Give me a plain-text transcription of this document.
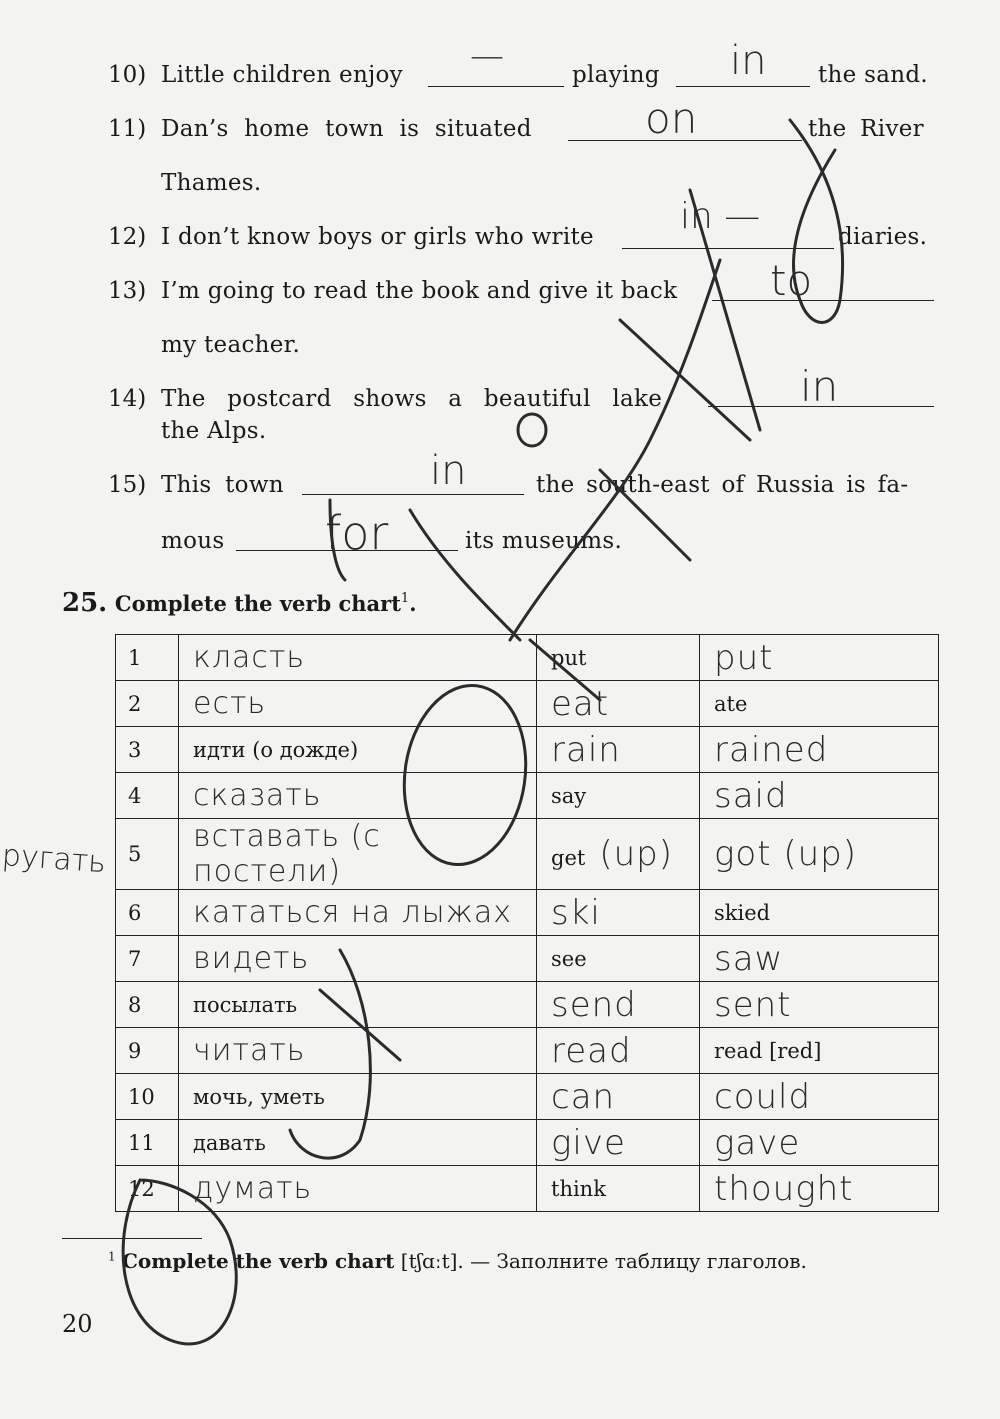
10) Little children enjoy —	playing in the sand.
11) Dan’s home town is situated	on	the River
Thames.
12) I don’t know boys or girls who write in —	diaries.
13) I’m going to read the book and give it back to
my teacher.
14) The postcard shows a beautiful lake	in
the Alps.
15) This town	in	the south-east of Russia is fa-
mous for	its museums.
25. Complete the verb chart$^1$.
1	класть	put	put
2	есть	eat	ate
3	идти (о дожде)	rain	rained
4	сказать	say	said
5	вставать (с постели)	get (up)	got (up)
6	кататься на лыжах	ski	skied
7	видеть	see	saw
8	посылать	send	sent
9	читать	read	read [red]
10	мочь, уметь	can	could
11	давать	give	gave
12	думать	think	thought
ругать
$^1$ Complete the verb chart [tʃɑːt]. — Заполните таблицу глаголов.
20
